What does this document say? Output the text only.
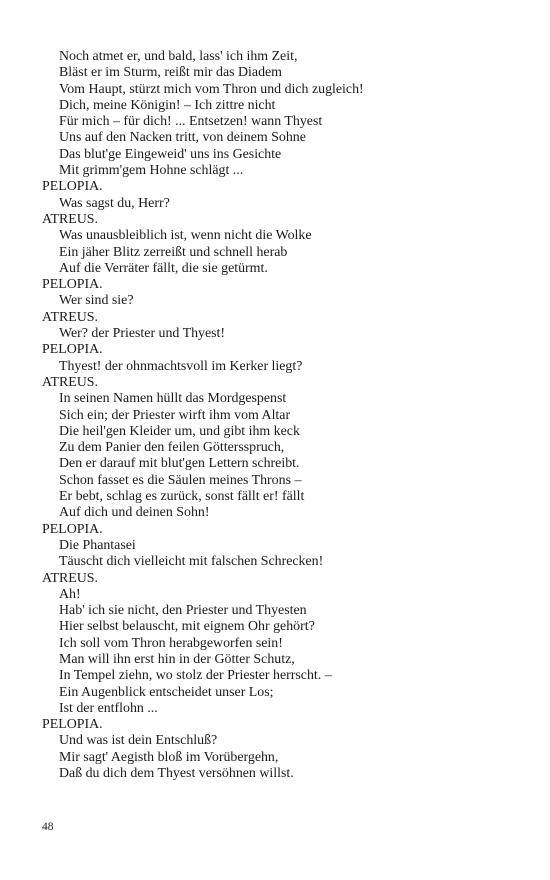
Noch atmet er, und bald, lass' ich ihm Zeit,
Bläst er im Sturm, reißt mir das Diadem
Vom Haupt, stürzt mich vom Thron und dich zugleich!
Dich, meine Königin! – Ich zittre nicht
Für mich – für dich! ... Entsetzen! wann Thyest
Uns auf den Nacken tritt, von deinem Sohne
Das blut'ge Eingeweid' uns ins Gesichte
Mit grimm'gem Hohne schlägt ...
PELOPIA.
Was sagst du, Herr?
ATREUS.
Was unausbleiblich ist, wenn nicht die Wolke
Ein jäher Blitz zerreißt und schnell herab
Auf die Verräter fällt, die sie getürmt.
PELOPIA.
Wer sind sie?
ATREUS.
Wer? der Priester und Thyest!
PELOPIA.
Thyest! der ohnmachtsvoll im Kerker liegt?
ATREUS.
In seinen Namen hüllt das Mordgespenst
Sich ein; der Priester wirft ihm vom Altar
Die heil'gen Kleider um, und gibt ihm keck
Zu dem Panier den feilen Göttersspruch,
Den er darauf mit blut'gen Lettern schreibt.
Schon fasset es die Säulen meines Throns –
Er bebt, schlag es zurück, sonst fällt er! fällt
Auf dich und deinen Sohn!
PELOPIA.
Die Phantasei
Täuscht dich vielleicht mit falschen Schrecken!
ATREUS.
Ah!
Hab' ich sie nicht, den Priester und Thyesten
Hier selbst belauscht, mit eignem Ohr gehört?
Ich soll vom Thron herabgeworfen sein!
Man will ihn erst hin in der Götter Schutz,
In Tempel ziehn, wo stolz der Priester herrscht. –
Ein Augenblick entscheidet unser Los;
Ist der entflohn ...
PELOPIA.
Und was ist dein Entschluß?
Mir sagt' Aegisth bloß im Vorübergehn,
Daß du dich dem Thyest versöhnen willst.
48
